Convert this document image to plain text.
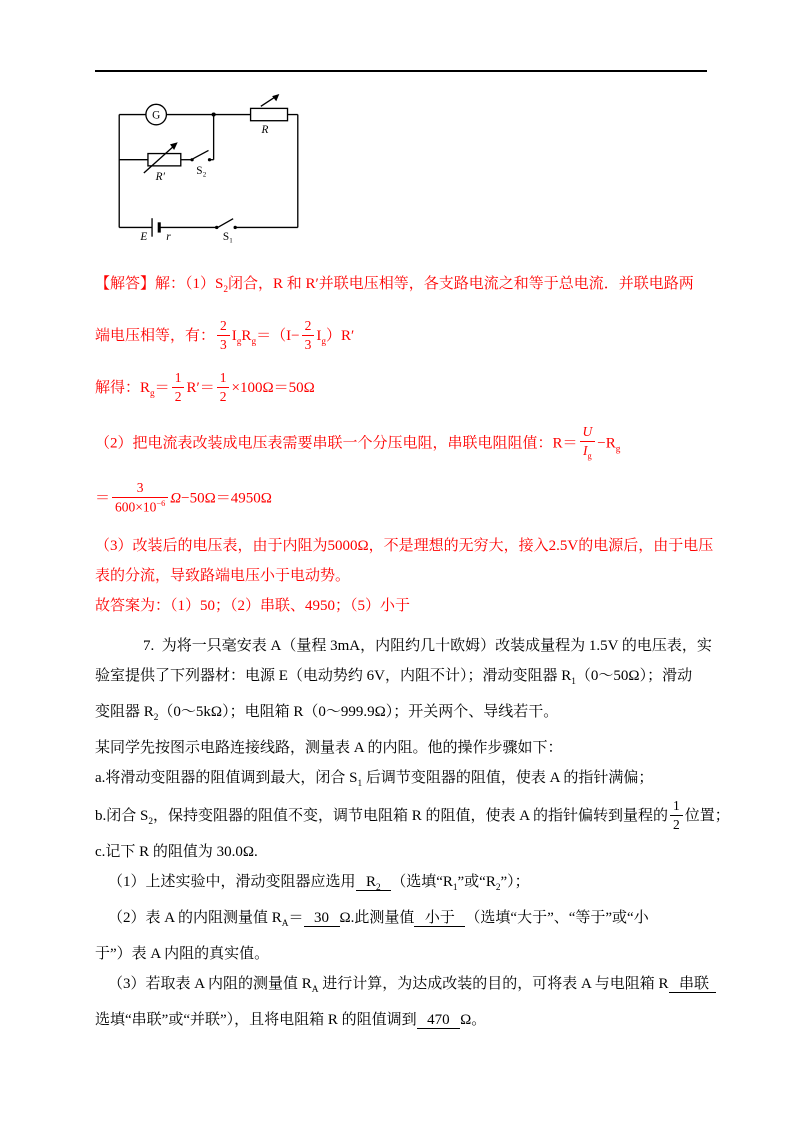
G
R
R′
S₂
E r	S₁

【解答】解：$(1)S_2$闭合，R 和 R′并联电压相等，各支路电流之和等于总电流．并联电路两

端电压相等，有： $\frac{2}{3} I_gR_g=(I- \frac{2}{3} I_g)R'$

解得：$R_g= \frac{1}{2} R'= \frac{1}{2} \times 100\Omega=50\Omega$

（2）把电流表改装成电压表需要串联一个分压电阻，串联电阻阻值：$R= \frac{U}{I_g} -R_g$

＝ $\frac{3}{600\times 10^{-6}} \Omega-50\Omega=4950\Omega$

（3）改装后的电压表，由于内阻为5000Ω，不是理想的无穷大，接入2.5V的电源后，由于电压

表的分流，导致路端电压小于电动势。

故答案为：（1）50；（2）串联、4950；（5）小于

7.  为将一只毫安表 A（量程 3mA，内阻约几十欧姆）改装成量程为 1.5V 的电压表，实

验室提供了下列器材：电源 E（电动势约 6V，内阻不计）；滑动变阻器 $R_1(0\sim 50\Omega)$；滑动

变阻器 $R_2(0\sim 5k\Omega)$；电阻箱 R（0～999.9Ω）；开关两个、导线若干。

某同学先按图示电路连接线路，测量表 A 的内阻。他的操作步骤如下：

a.将滑动变阻器的阻值调到最大，闭合 $S_1$ 后调节变阻器的阻值，使表 A 的指针满偏；

b.闭合 $S_2$，保持变阻器的阻值不变，调节电阻箱 R 的阻值，使表 A 的指针偏转到量程的 $\frac{1}{2}$ 位置；

c.记下 R 的阻值为 30.0Ω.

（1）上述实验中，滑动变阻器应选用  $R_2$ （选填“$R_1$”或“$R_2$”）；

（2）表 A 的内阻测量值 $R_A= 30$  Ω.此测量值  小于  （选填“大于”、“等于”或“小

于”）表 A 内阻的真实值。

（3）若取表 A 内阻的测量值 $R_A$ 进行计算，为达成改装的目的，可将表 A 与电阻箱 R  串联

选填“串联”或“并联”），且将电阻箱 R 的阻值调到  470  Ω。
